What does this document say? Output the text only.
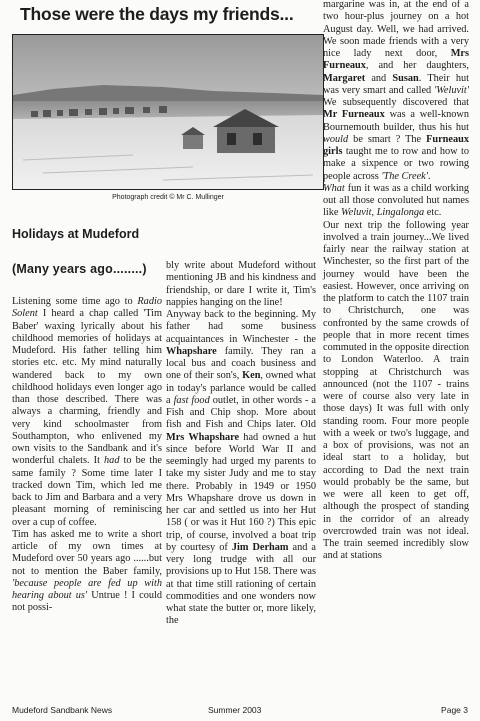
Those were the days my friends...
Photograph credit © Mr C. Mullinger
Holidays at Mudeford
(Many years ago........)

Listening some time ago to Radio Solent I heard a chap called 'Tim Baber' waxing lyrically about his childhood memories of holidays at Mudeford. His father telling him stories etc. etc. My mind naturally wandered back to my own childhood holidays even longer ago than those described. There was always a charming, friendly and very kind schoolmaster from Southampton, who enlivened my own visits to the Sandbank and it's wonderful chalets. It had to be the same family ? Some time later I tracked down Tim, which led me back to Jim and Barbara and a very pleasant morning of reminiscing over a cup of coffee.

Tim has asked me to write a short article of my own times at Mudeford over 50 years ago ......but not to mention the Baber family, 'because people are fed up with hearing about us' Untrue ! I could not possi-

bly write about Mudeford without mentioning JB and his kindness and friendship, or dare I write it, Tim's nappies hanging on the line!

Anyway back to the beginning. My father had some business acquaintances in Winchester - the Whapshare family. They ran a local bus and coach business and one of their son's, Ken, owned what in today's parlance would be called a fast food outlet, in other words - a Fish and Chip shop. More about fish and Fish and Chips later. Old Mrs Whapshare had owned a hut since before World War II and seemingly had urged my parents to take my sister Judy and me to stay there. Probably in 1949 or 1950 Mrs Whapshare drove us down in her car and settled us into her Hut 158 ( or was it Hut 160 ?) This epic trip, of course, involved a boat trip by courtesy of Jim Derham and a very long trudge with all our provisions up to Hut 158. There was at that time still rationing of certain commodities and one wonders now what state the butter or, more likely, the

margarine was in, at the end of a two hour-plus journey on a hot August day. Well, we had arrived. We soon made friends with a very nice lady next door, Mrs Furneaux, and her daughters, Margaret and Susan. Their hut was very smart and called 'Weluvit' We subsequently discovered that Mr Furneaux was a well-known Bournemouth builder, thus his hut would be smart ? The Furneaux girls taught me to row and how to make a sixpence or two rowing people across 'The Creek'.

What fun it was as a child working out all those convoluted hut names like Weluvit, Lingalonga etc.

Our next trip the following year involved a train journey...We lived fairly near the railway station at Winchester, so the first part of the journey would have been the easiest. However, once arriving on the platform to catch the 1107 train to Christchurch, one was confronted by the same crowds of people that in more recent times commuted in the opposite direction to London Waterloo. A train stopping at Christchurch was announced (not the 1107 - trains were of course also very late in those days) It was full with only standing room. Four more people with a week or two's luggage, and a box of provisions, was not an ideal start to a holiday, but according to Dad the next train would probably be the same, but we were all keen to get off, although the prospect of standing in the corridor of an already overcrowded train was not ideal. The train seemed incredibly slow and at stations

Mudeford Sandbank News	Summer 2003	Page 3
